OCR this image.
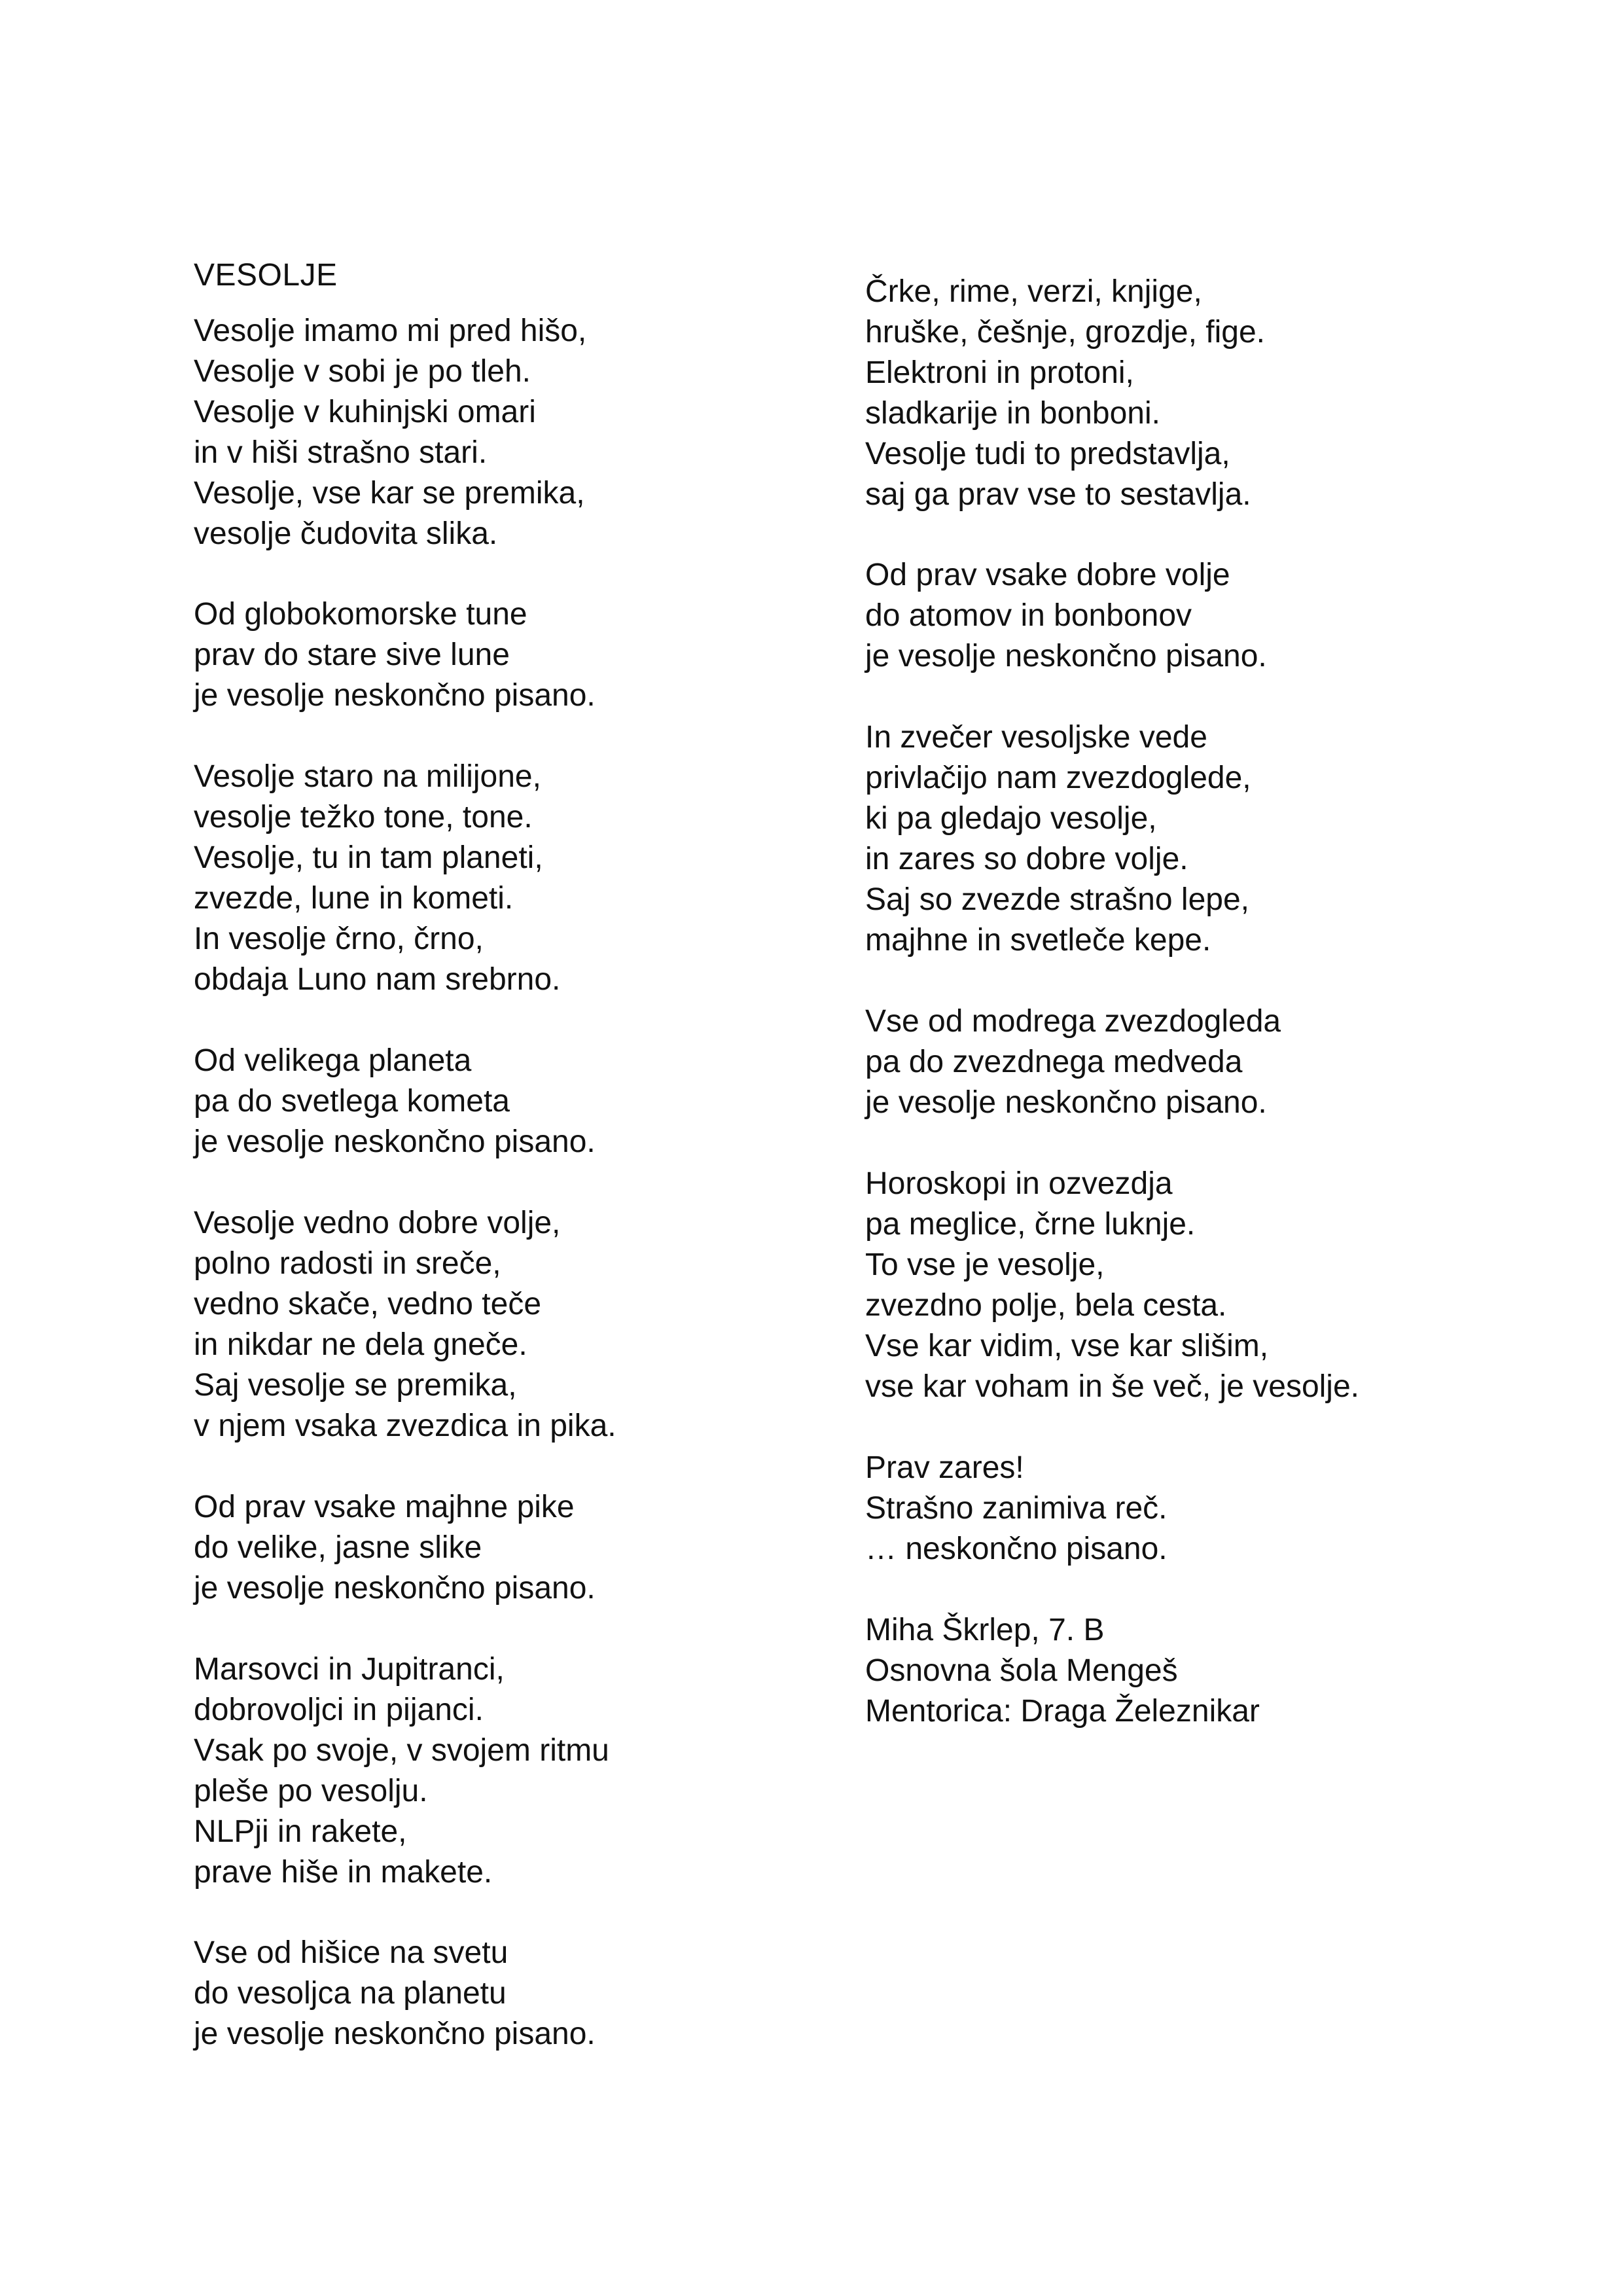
VESOLJE
Vesolje imamo mi pred hišo,
Vesolje v sobi je po tleh.
Vesolje v kuhinjski omari
in v hiši strašno stari.
Vesolje, vse kar se premika,
vesolje čudovita slika.
Od globokomorske tune
prav do stare sive lune
je vesolje neskončno pisano.
Vesolje staro na milijone,
vesolje težko tone, tone.
Vesolje, tu in tam planeti,
zvezde, lune in kometi.
In vesolje črno, črno,
obdaja Luno nam srebrno.
Od velikega planeta
pa do svetlega kometa
je vesolje neskončno pisano.
Vesolje vedno dobre volje,
polno radosti in sreče,
vedno skače, vedno teče
in nikdar ne dela gneče.
Saj vesolje se premika,
v njem vsaka zvezdica in pika.
Od prav vsake majhne pike
do velike, jasne slike
je vesolje neskončno pisano.
Marsovci in Jupitranci,
dobrovoljci in pijanci.
Vsak po svoje, v svojem ritmu
pleše po vesolju.
NLPji in rakete,
prave hiše in makete.
Vse od hišice na svetu
do vesoljca na planetu
je vesolje neskončno pisano.
Črke, rime, verzi, knjige,
hruške, češnje, grozdje, fige.
Elektroni in protoni,
sladkarije in bonboni.
Vesolje tudi to predstavlja,
saj ga prav vse to sestavlja.
Od prav vsake dobre volje
do atomov in bonbonov
je vesolje neskončno pisano.
In zvečer vesoljske vede
privlačijo nam zvezdoglede,
ki pa gledajo vesolje,
in zares so dobre volje.
Saj so zvezde strašno lepe,
majhne in svetleče kepe.
Vse od modrega zvezdogleda
pa do zvezdnega medveda
je vesolje neskončno pisano.
Horoskopi in ozvezdja
pa meglice, črne luknje.
To vse je vesolje,
zvezdno polje, bela cesta.
Vse kar vidim, vse kar slišim,
vse kar voham in še več, je vesolje.
Prav zares!
Strašno zanimiva reč.
… neskončno pisano.
Miha Škrlep, 7. B
Osnovna šola Mengeš
Mentorica: Draga Železnikar
